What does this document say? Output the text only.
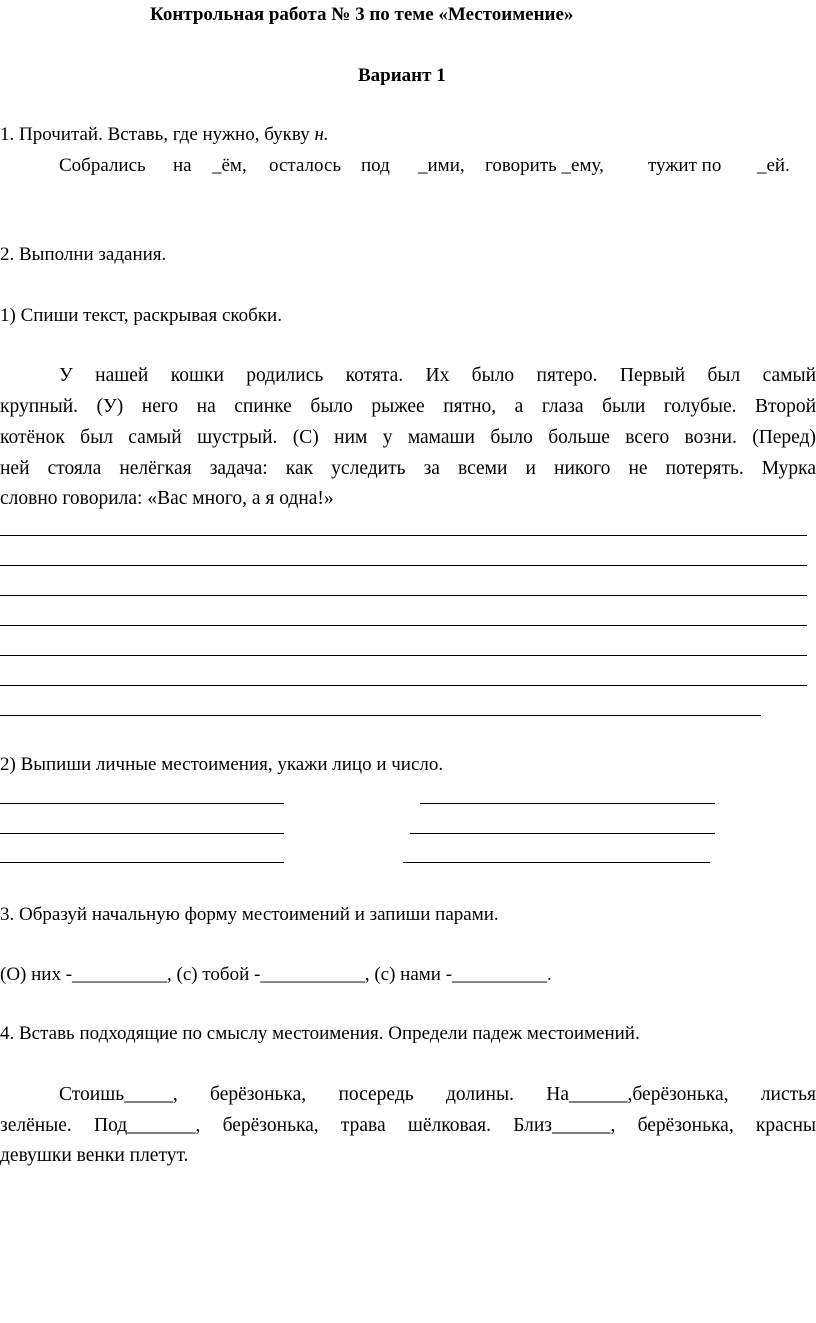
Контрольная работа № 3 по теме «Местоимение»
Вариант 1
1. Прочитай. Вставь, где нужно, букву н.
Собрались на _ём, осталось под _ими, говорить _ему, тужит по _ей.
2. Выполни задания.
1) Спиши текст, раскрывая скобки.
У нашей кошки родились котята. Их было пятеро. Первый был самый
крупный. (У) него на спинке было рыжее пятно, а глаза были голубые. Второй
котёнок был самый шустрый. (С) ним у мамаши было больше всего возни. (Перед)
ней стояла нелёгкая задача: как уследить за всеми и никого не потерять. Мурка
словно говорила: «Вас много, а я одна!»
2) Выпиши личные местоимения, укажи лицо и число.
3. Образуй начальную форму местоимений и запиши парами.
(О) них -__________, (с) тобой -___________, (с) нами -__________.
4. Вставь подходящие по смыслу местоимения. Определи падеж местоимений.
Стоишь_____, берёзонька, посередь долины. На______,берёзонька, листья
зелёные. Под_______, берёзонька, трава шёлковая. Близ______, берёзонька, красны
девушки венки плетут.
